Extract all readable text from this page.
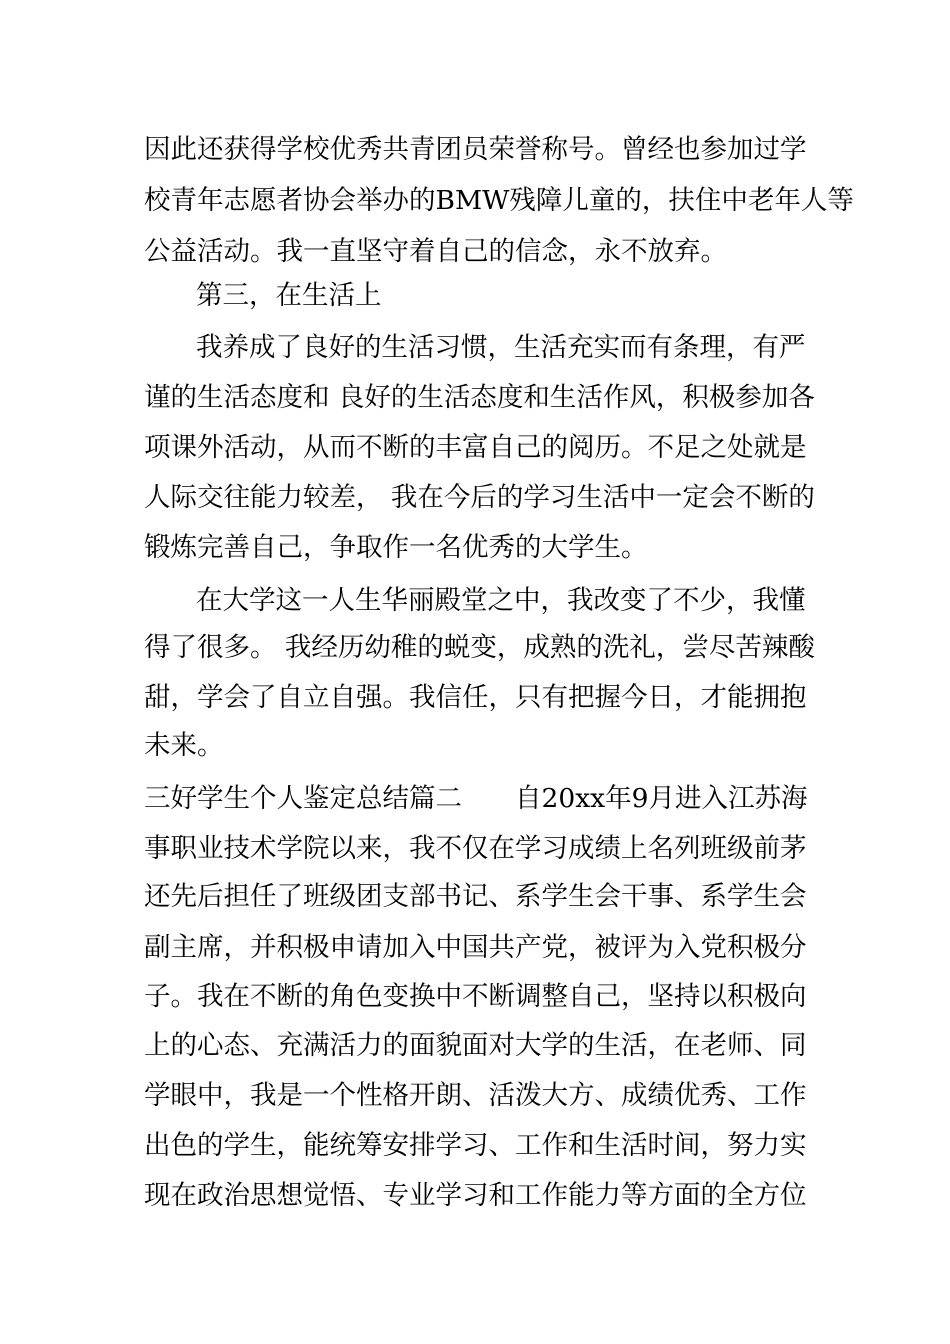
因此还获得学校优秀共青团员荣誉称号。曾经也参加过学
校青年志愿者协会举办的BMW残障儿童的，扶住中老年人等
公益活动。我一直坚守着自己的信念，永不放弃。
第三，在生活上
我养成了良好的生活习惯，生活充实而有条理，有严
谨的生活态度和 良好的生活态度和生活作风，积极参加各
项课外活动，从而不断的丰富自己的阅历。不足之处就是
人际交往能力较差， 我在今后的学习生活中一定会不断的
锻炼完善自己，争取作一名优秀的大学生。
在大学这一人生华丽殿堂之中，我改变了不少，我懂
得了很多。 我经历幼稚的蜕变，成熟的洗礼，尝尽苦辣酸
甜，学会了自立自强。我信任，只有把握今日，才能拥抱
未来。
三好学生个人鉴定总结篇二　　自20xx年9月进入江苏海
事职业技术学院以来，我不仅在学习成绩上名列班级前茅
还先后担任了班级团支部书记、系学生会干事、系学生会
副主席，并积极申请加入中国共产党，被评为入党积极分
子。我在不断的角色变换中不断调整自己，坚持以积极向
上的心态、充满活力的面貌面对大学的生活，在老师、同
学眼中，我是一个性格开朗、活泼大方、成绩优秀、工作
出色的学生，能统筹安排学习、工作和生活时间，努力实
现在政治思想觉悟、专业学习和工作能力等方面的全方位
